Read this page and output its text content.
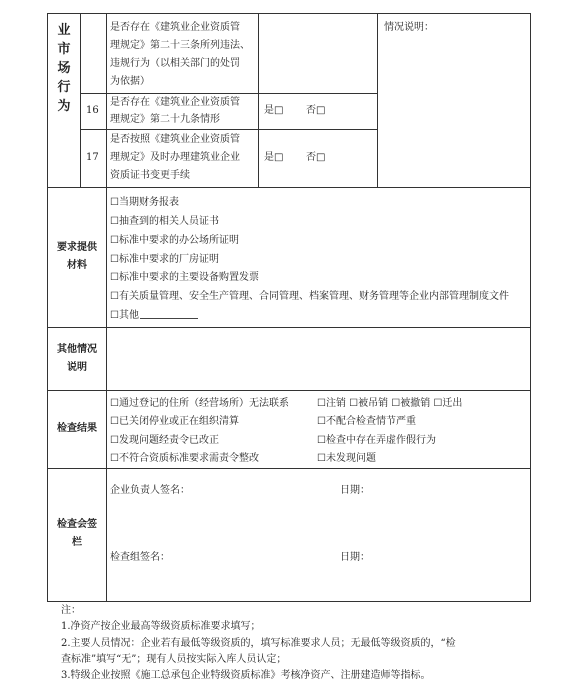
业
市
场
行
为
是否存在《建筑业企业资质管
理规定》第二十三条所列违法、
违规行为（以相关部门的处罚
为依据）
16
是否存在《建筑业企业资质管
理规定》第二十九条情形
是□ 否□
17
是否按照《建筑业企业资质管
理规定》及时办理建筑业企业
资质证书变更手续
是□ 否□
情况说明：
要求提供
材料
☐当期财务报表
☐抽查到的相关人员证书
☐标准中要求的办公场所证明
☐标准中要求的厂房证明
☐标准中要求的主要设备购置发票
☐有关质量管理、安全生产管理、合同管理、档案管理、财务管理等企业内部管理制度文件
☐其他
其他情况
说明
检查结果
☐通过登记的住所（经营场所）无法联系
☐已关闭停业或正在组织清算
☐发现问题经责令已改正
☐不符合资质标准要求需责令整改
☐注销 ☐被吊销 ☐被撤销 ☐迁出
☐不配合检查情节严重
☐检查中存在弄虚作假行为
☐未发现问题
检查会签
栏
企业负责人签名：	日期：
检查组签名：	日期：
注：
1.净资产按企业最高等级资质标准要求填写；
2.主要人员情况：企业若有最低等级资质的，填写标准要求人员；无最低等级资质的，“检
查标准”填写“无”；现有人员按实际入库人员认定；
3.特级企业按照《施工总承包企业特级资质标准》考核净资产、注册建造师等指标。
